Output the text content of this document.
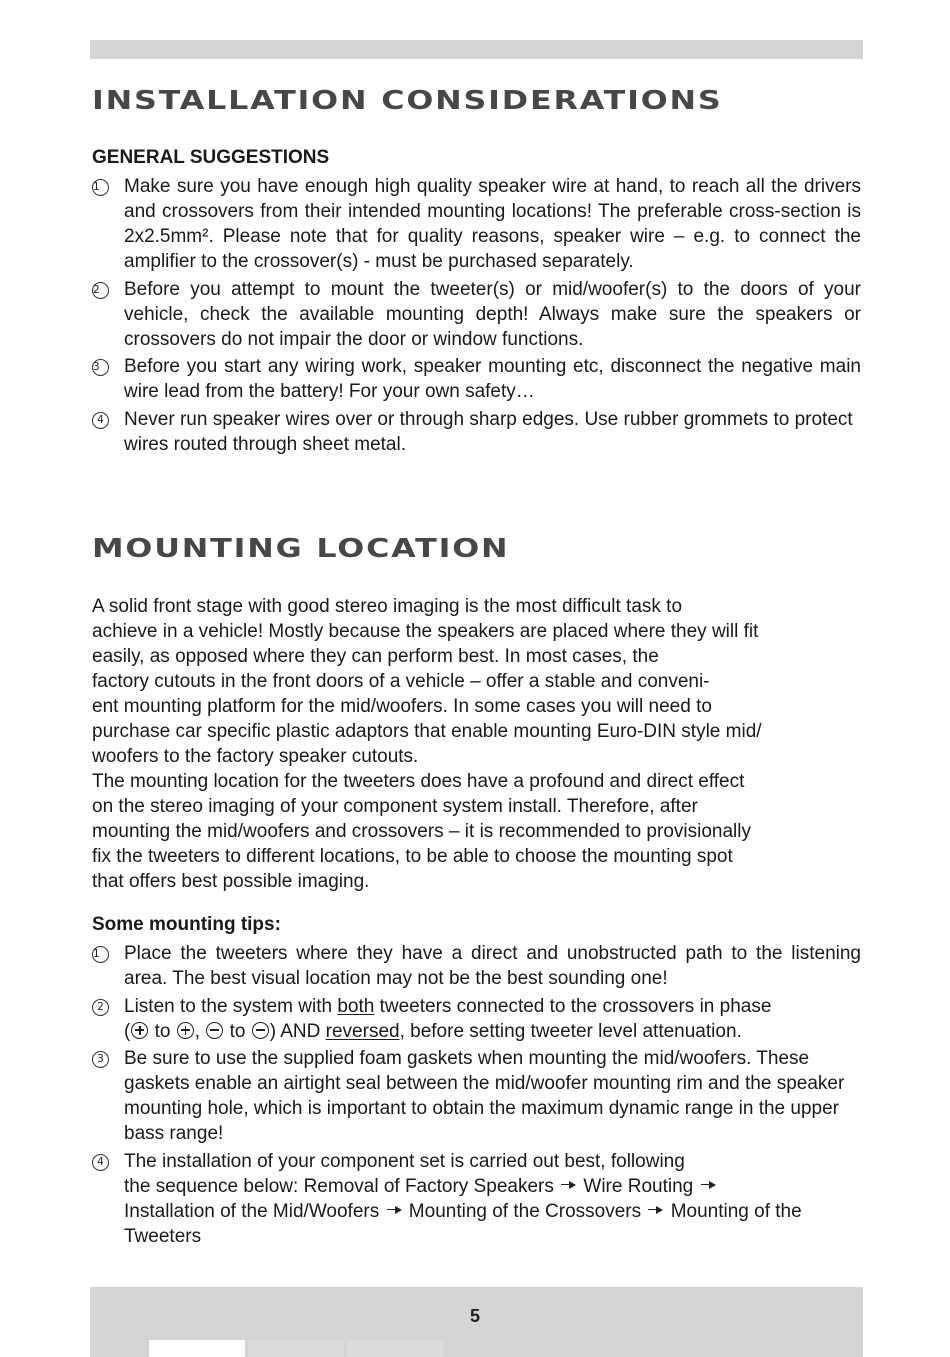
INSTALLATION CONSIDERATIONS
GENERAL SUGGESTIONS
1	Make sure you have enough high quality speaker wire at hand, to reach all the drivers and crossovers from their intended mounting locations! The preferable cross-section is 2x2.5mm². Please note that for quality reasons, speaker wire – e.g. to connect the amplifier to the crossover(s) - must be purchased separately.
2	Before you attempt to mount the tweeter(s) or mid/woofer(s) to the doors of your vehicle, check the available mounting depth! Always make sure the speakers or crossovers do not impair the door or window functions.
3	Before you start any wiring work, speaker mounting etc, disconnect the negative main wire lead from the battery! For your own safety…
4 Never run speaker wires over or through sharp edges. Use rubber grommets to protect wires routed through sheet metal.
MOUNTING LOCATION

A solid front stage with good stereo imaging is the most difficult task to
achieve in a vehicle! Mostly because the speakers are placed where they will fit
easily, as opposed where they can perform best. In most cases, the
factory cutouts in the front doors of a vehicle – offer a stable and conveni-
ent mounting platform for the mid/woofers. In some cases you will need to
purchase car specific plastic adaptors that enable mounting Euro-DIN style mid/
woofers to the factory speaker cutouts.
The mounting location for the tweeters does have a profound and direct effect
on the stereo imaging of your component system install. Therefore, after
mounting the mid/woofers and crossovers – it is recommended to provisionally
fix the tweeters to different locations, to be able to choose the mounting spot
that offers best possible imaging.

Some mounting tips:
1	Place the tweeters where they have a direct and unobstructed path to the listening area. The best visual location may not be the best sounding one!
2 Listen to the system with both tweeters connected to the crossovers in phase
( to ,  to ) AND reversed, before setting tweeter level attenuation.
3 Be sure to use the supplied foam gaskets when mounting the mid/woofers. These gaskets enable an airtight seal between the mid/woofer mounting rim and the speaker mounting hole, which is important to obtain the maximum dynamic range in the upper bass range!
4 The installation of your component set is carried out best, following
the sequence below: Removal of Factory Speakers Wire Routing
Installation of the Mid/Woofers Mounting of the Crossovers Mounting of the Tweeters
5
